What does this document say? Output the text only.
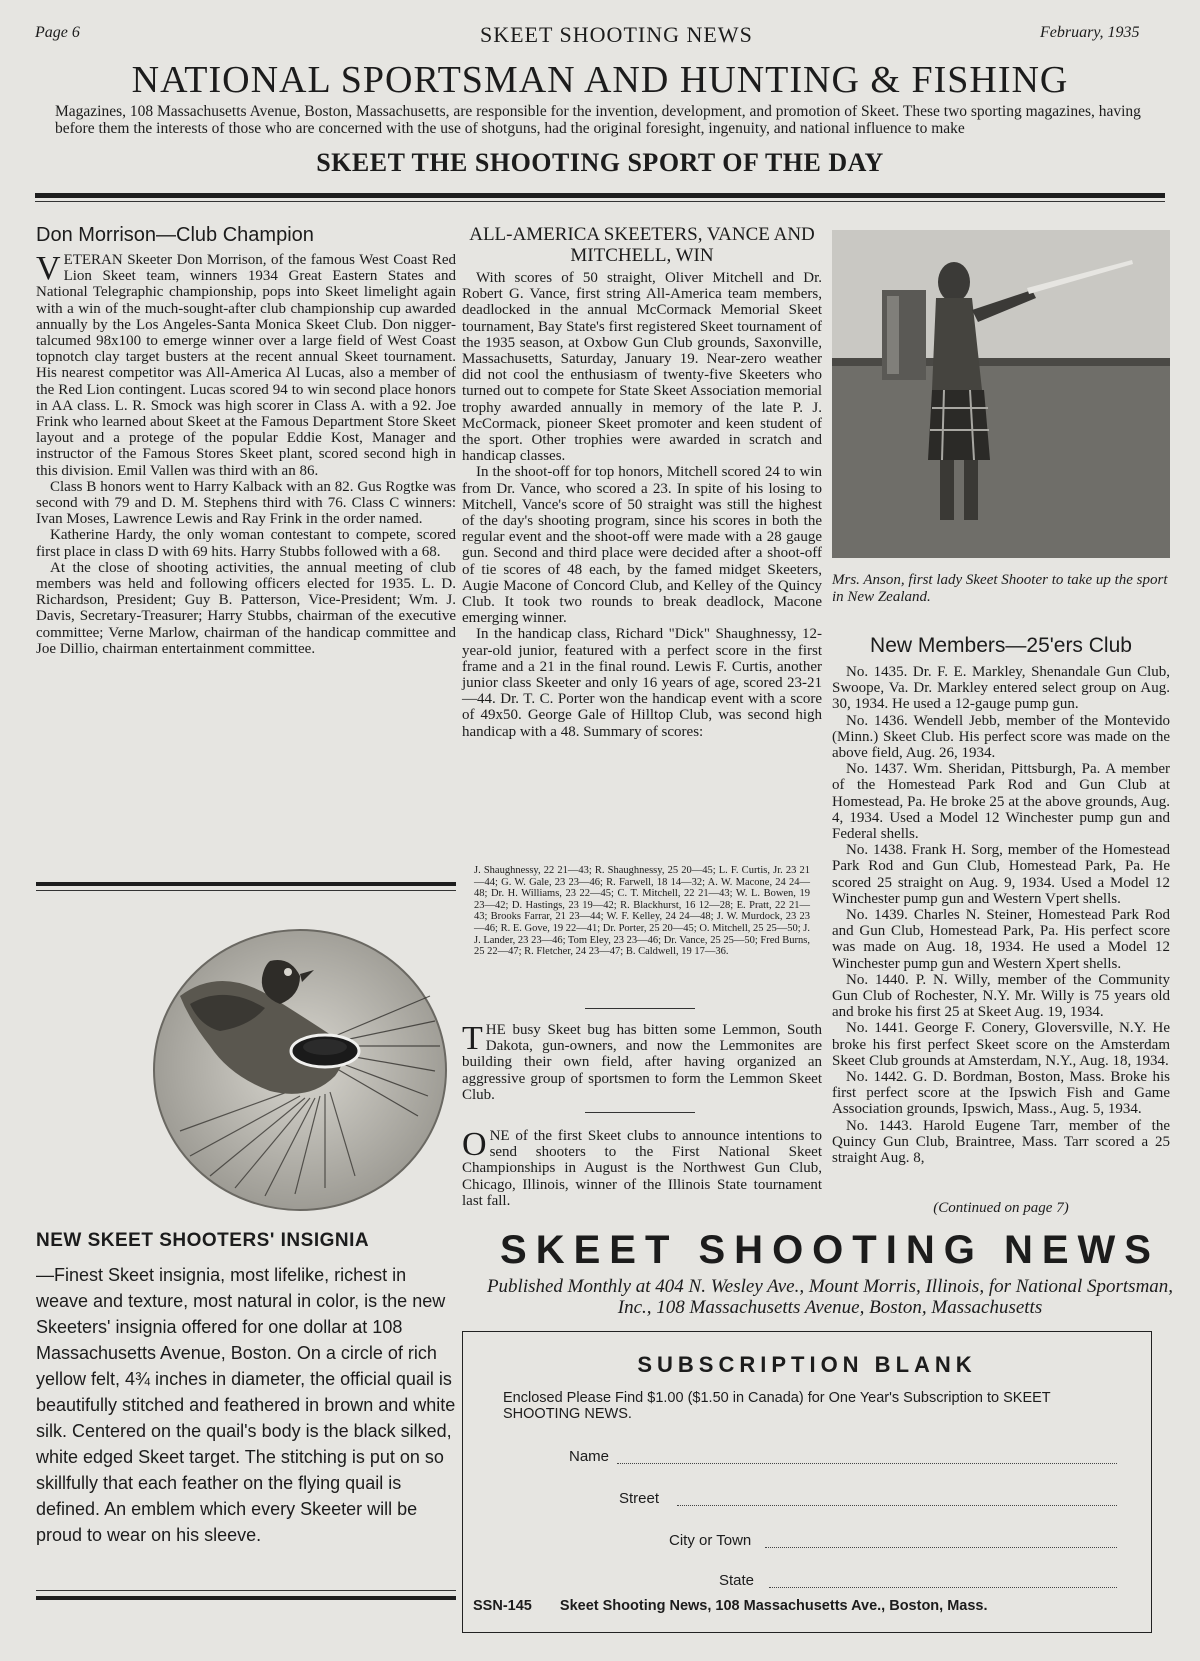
Page 6	SKEET SHOOTING NEWS	February, 1935
NATIONAL SPORTSMAN AND HUNTING & FISHING
Magazines, 108 Massachusetts Avenue, Boston, Massachusetts, are responsible for the invention, development, and promotion of Skeet. These two sporting magazines, having before them the interests of those who are concerned with the use of shotguns, had the original foresight, ingenuity, and national influence to make
SKEET THE SHOOTING SPORT OF THE DAY
Don Morrison—Club Champion

VETERAN Skeeter Don Morrison, of the famous West Coast Red Lion Skeet team, winners 1934 Great Eastern States and National Telegraphic championship, pops into Skeet limelight again with a win of the much-sought-after club championship cup awarded annually by the Los Angeles-Santa Monica Skeet Club. Don nigger-talcumed 98x100 to emerge winner over a large field of West Coast topnotch clay target busters at the recent annual Skeet tournament. His nearest competitor was All-America Al Lucas, also a member of the Red Lion contingent. Lucas scored 94 to win second place honors in AA class. L. R. Smock was high scorer in Class A. with a 92. Joe Frink who learned about Skeet at the Famous Department Store Skeet layout and a protege of the popular Eddie Kost, Manager and instructor of the Famous Stores Skeet plant, scored second high in this division. Emil Vallen was third with an 86.

Class B honors went to Harry Kalback with an 82. Gus Rogtke was second with 79 and D. M. Stephens third with 76. Class C winners: Ivan Moses, Lawrence Lewis and Ray Frink in the order named.

Katherine Hardy, the only woman contestant to compete, scored first place in class D with 69 hits. Harry Stubbs followed with a 68.

At the close of shooting activities, the annual meeting of club members was held and following officers elected for 1935. L. D. Richardson, President; Guy B. Patterson, Vice-President; Wm. J. Davis, Secretary-Treasurer; Harry Stubbs, chairman of the executive committee; Verne Marlow, chairman of the handicap committee and Joe Dillio, chairman entertainment committee.

NEW SKEET SHOOTERS' INSIGNIA
—Finest Skeet insignia, most lifelike, richest in weave and texture, most natural in color, is the new Skeeters' insignia offered for one dollar at 108 Massachusetts Avenue, Boston. On a circle of rich yellow felt, 4¾ inches in diameter, the official quail is beautifully stitched and feathered in brown and white silk. Centered on the quail's body is the black silked, white edged Skeet target. The stitching is put on so skillfully that each feather on the flying quail is defined. An emblem which every Skeeter will be proud to wear on his sleeve.
ALL-AMERICA SKEETERS, VANCE AND MITCHELL, WIN

With scores of 50 straight, Oliver Mitchell and Dr. Robert G. Vance, first string All-America team members, deadlocked in the annual McCormack Memorial Skeet tournament, Bay State's first registered Skeet tournament of the 1935 season, at Oxbow Gun Club grounds, Saxonville, Massachusetts, Saturday, January 19. Near-zero weather did not cool the enthusiasm of twenty-five Skeeters who turned out to compete for State Skeet Association memorial trophy awarded annually in memory of the late P. J. McCormack, pioneer Skeet promoter and keen student of the sport. Other trophies were awarded in scratch and handicap classes.

In the shoot-off for top honors, Mitchell scored 24 to win from Dr. Vance, who scored a 23. In spite of his losing to Mitchell, Vance's score of 50 straight was still the highest of the day's shooting program, since his scores in both the regular event and the shoot-off were made with a 28 gauge gun. Second and third place were decided after a shoot-off of tie scores of 48 each, by the famed midget Skeeters, Augie Macone of Concord Club, and Kelley of the Quincy Club. It took two rounds to break deadlock, Macone emerging winner.

In the handicap class, Richard "Dick" Shaughnessy, 12-year-old junior, featured with a perfect score in the first frame and a 21 in the final round. Lewis F. Curtis, another junior class Skeeter and only 16 years of age, scored 23-21—44. Dr. T. C. Porter won the handicap event with a score of 49x50. George Gale of Hilltop Club, was second high handicap with a 48. Summary of scores:

J. Shaughnessy, 22 21—43; R. Shaughnessy, 25 20—45; L. F. Curtis, Jr. 23 21—44; G. W. Gale, 23 23—46; R. Farwell, 18 14—32; A. W. Macone, 24 24—48; Dr. H. Williams, 23 22—45; C. T. Mitchell, 22 21—43; W. L. Bowen, 19 23—42; D. Hastings, 23 19—42; R. Blackhurst, 16 12—28; E. Pratt, 22 21—43; Brooks Farrar, 21 23—44; W. F. Kelley, 24 24—48; J. W. Murdock, 23 23—46; R. E. Gove, 19 22—41; Dr. Porter, 25 20—45; O. Mitchell, 25 25—50; J. J. Lander, 23 23—46; Tom Eley, 23 23—46; Dr. Vance, 25 25—50; Fred Burns, 25 22—47; R. Fletcher, 24 23—47; B. Caldwell, 19 17—36.

THE busy Skeet bug has bitten some Lemmon, South Dakota, gun-owners, and now the Lemmonites are building their own field, after having organized an aggressive group of sportsmen to form the Lemmon Skeet Club.

ONE of the first Skeet clubs to announce intentions to send shooters to the First National Skeet Championships in August is the Northwest Gun Club, Chicago, Illinois, winner of the Illinois State tournament last fall.

Mrs. Anson, first lady Skeet Shooter to take up the sport in New Zealand.
New Members—25'ers Club

No. 1435. Dr. F. E. Markley, Shenandale Gun Club, Swoope, Va. Dr. Markley entered select group on Aug. 30, 1934. He used a 12-gauge pump gun.

No. 1436. Wendell Jebb, member of the Montevido (Minn.) Skeet Club. His perfect score was made on the above field, Aug. 26, 1934.

No. 1437. Wm. Sheridan, Pittsburgh, Pa. A member of the Homestead Park Rod and Gun Club at Homestead, Pa. He broke 25 at the above grounds, Aug. 4, 1934. Used a Model 12 Winchester pump gun and Federal shells.

No. 1438. Frank H. Sorg, member of the Homestead Park Rod and Gun Club, Homestead Park, Pa. He scored 25 straight on Aug. 9, 1934. Used a Model 12 Winchester pump gun and Western Vpert shells.

No. 1439. Charles N. Steiner, Homestead Park Rod and Gun Club, Homestead Park, Pa. His perfect score was made on Aug. 18, 1934. He used a Model 12 Winchester pump gun and Western Xpert shells.

No. 1440. P. N. Willy, member of the Community Gun Club of Rochester, N.Y. Mr. Willy is 75 years old and broke his first 25 at Skeet Aug. 19, 1934.

No. 1441. George F. Conery, Gloversville, N.Y. He broke his first perfect Skeet score on the Amsterdam Skeet Club grounds at Amsterdam, N.Y., Aug. 18, 1934.

No. 1442. G. D. Bordman, Boston, Mass. Broke his first perfect score at the Ipswich Fish and Game Association grounds, Ipswich, Mass., Aug. 5, 1934.

No. 1443. Harold Eugene Tarr, member of the Quincy Gun Club, Braintree, Mass. Tarr scored a 25 straight Aug. 8,

(Continued on page 7)
SKEET SHOOTING NEWS
Published Monthly at 404 N. Wesley Ave., Mount Morris, Illinois, for National Sportsman, Inc., 108 Massachusetts Avenue, Boston, Massachusetts
SUBSCRIPTION BLANK
Enclosed Please Find $1.00 ($1.50 in Canada) for One Year's Subscription to SKEET SHOOTING NEWS.
Name
Street
City or Town
State
SSN-145 Skeet Shooting News, 108 Massachusetts Ave., Boston, Mass.
